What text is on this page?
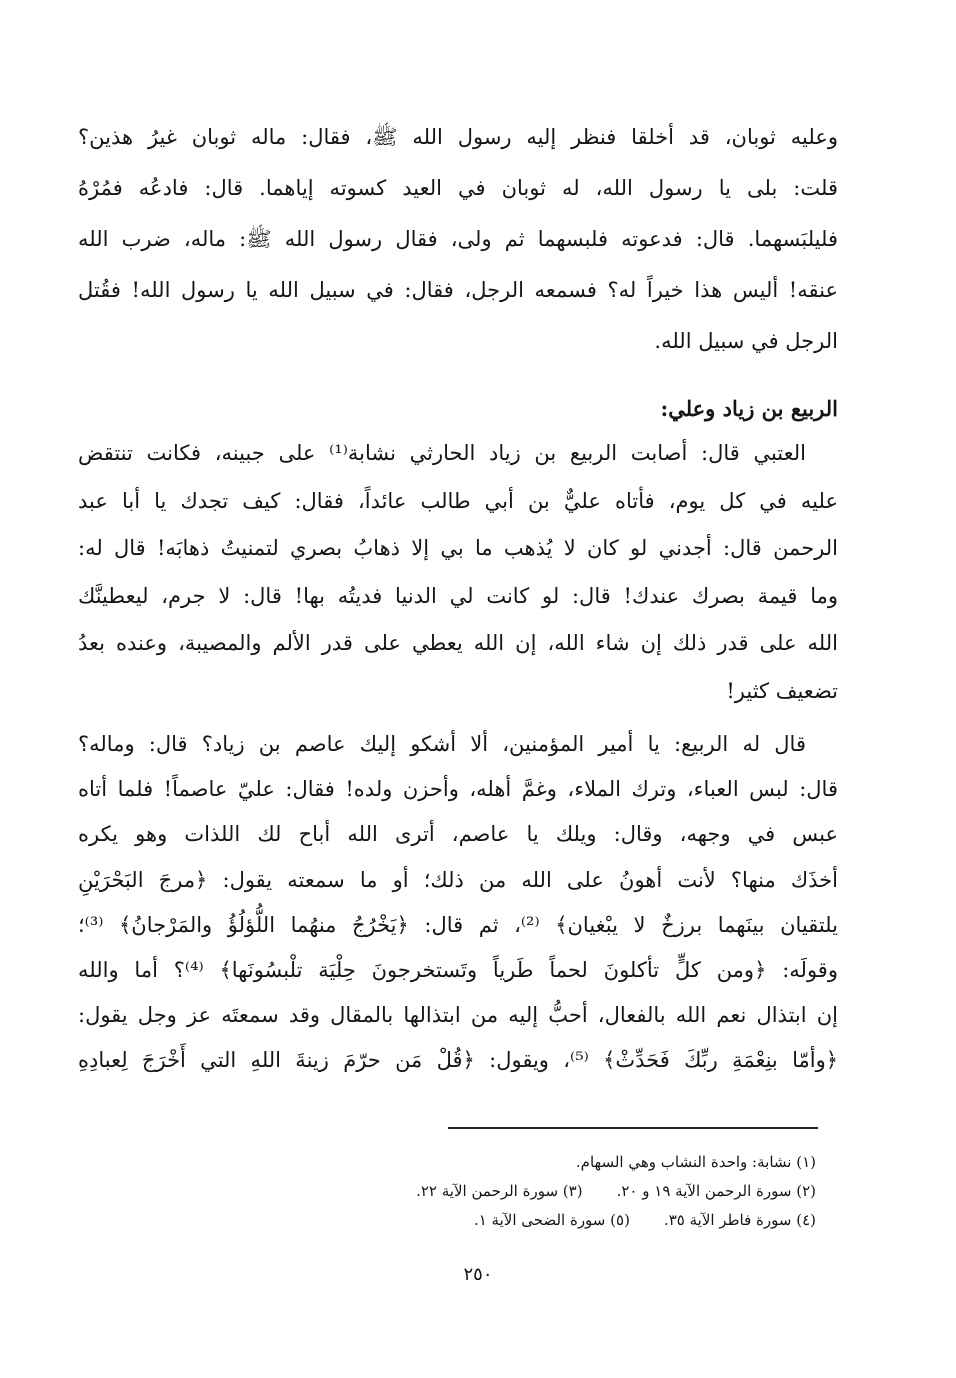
وعليه ثوبان، قد أخلقا فنظر إليه رسول الله ﷺ، فقال: ماله ثوبان غيرُ هذين؟
قلت: بلى يا رسول الله، له ثوبان في العيد كسوته إياهما. قال: فادعُه فمُرْهُ
فليلبَسهما. قال: فدعوته فلبسهما ثم ولى، فقال رسول الله ﷺ: ماله، ضرب الله
عنقه! أليس هذا خيراً له؟ فسمعه الرجل، فقال: في سبيل الله يا رسول الله! فقُتل
الرجل في سبيل الله.
الربيع بن زياد وعلي:
العتبي قال: أصابت الربيع بن زياد الحارثي نشابة⁽¹⁾ على جبينه، فكانت تنتقض
عليه في كل يوم، فأتاه عليٌّ بن أبي طالب عائداً، فقال: كيف تجدك يا أبا عبد
الرحمن قال: أجدني لو كان لا يُذهب ما بي إلا ذهابُ بصري لتمنيتُ ذهابَه! قال له:
وما قيمة بصرك عندك! قال: لو كانت لي الدنيا فديتُه بها! قال: لا جرم، ليعطينَّك
الله على قدر ذلك إن شاء الله، إن الله يعطي على قدر الألم والمصيبة، وعنده بعدُ
تضعيف كثير!
قال له الربيع: يا أمير المؤمنين، ألا أشكو إليك عاصم بن زياد؟ قال: وماله؟
قال: لبس العباء، وترك الملاء، وغمَّ أهله، وأحزن ولده! فقال: عليّ عاصماً! فلما أتاه
عبس في وجهه، وقال: ويلك يا عاصم، أترى الله أباح لك اللذات وهو يكره
أخذَك منها؟ لأنت أهونُ على الله من ذلك؛ أو ما سمعته يقول: ﴿مرجَ البَحْرَيْنِ
يلتقيان بينَهما برزخٌ لا يبْغيان﴾ ⁽²⁾، ثم قال: ﴿يَخْرُجُ منهُما اللُّؤلُؤُ والمَرْجانُ﴾ ⁽³⁾؛
وقولَه: ﴿ومن كلٍّ تأكلونَ لحماً طَرياً وتَستخرجونَ حِلْيَة تلْبسُونَها﴾ ⁽⁴⁾؟ أما والله
إن ابتذال نعم الله بالفعال، أحبُّ إليه من ابتذالها بالمقال وقد سمعتَه عز وجل يقول:
﴿وأمّا بنِعْمَةِ ربِّكَ فَحَدِّثْ﴾ ⁽⁵⁾، ويقول: ﴿قُلْ مَن حرّمَ زينةَ اللهِ التي أَخْرَجَ لِعبادِهِ
(١) نشابة: واحدة النشاب وهي السهام.
(٢) سورة الرحمن الآية ١٩ و ٢٠.
(٣) سورة الرحمن الآية ٢٢.
(٤) سورة فاطر الآية ٣٥.
(٥) سورة الضحى الآية ١.
٢٥٠
